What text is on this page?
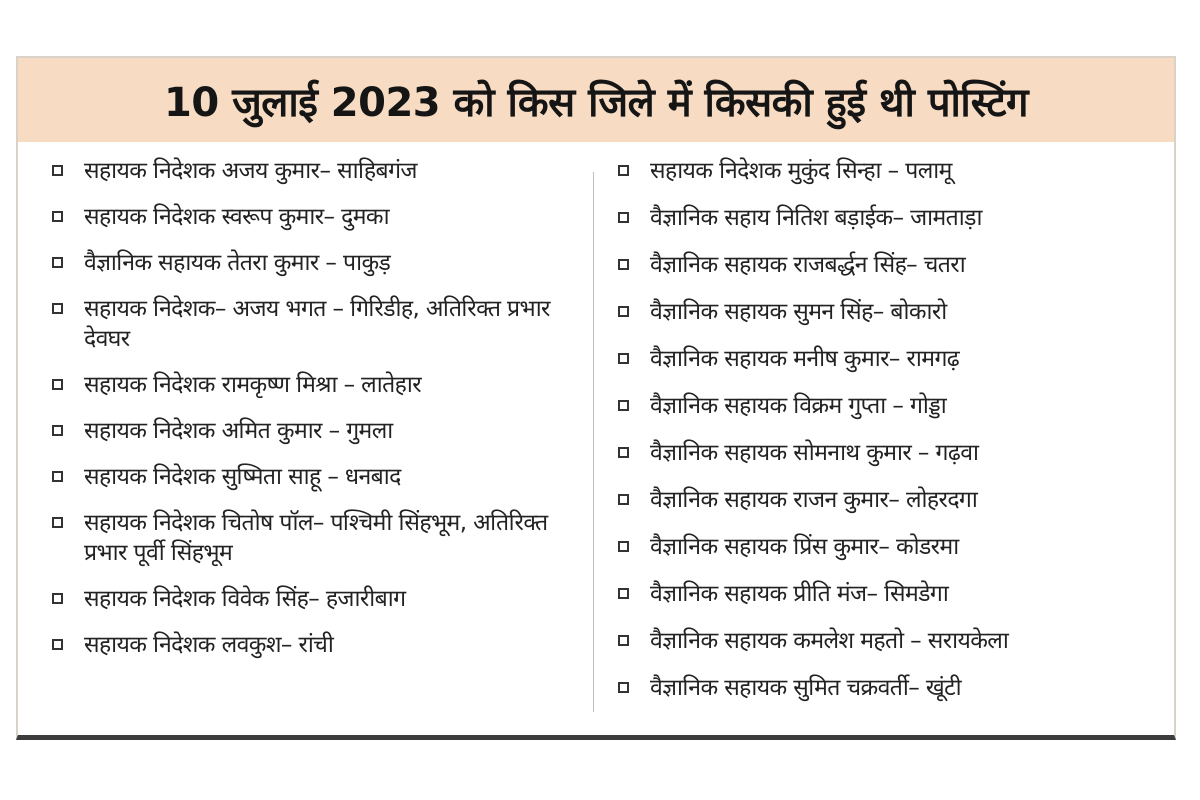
10 जुलाई 2023 को किस जिले में किसकी हुई थी पोस्टिंग
सहायक निदेशक अजय कुमार– साहिबगंज
सहायक निदेशक स्वरूप कुमार– दुमका
वैज्ञानिक सहायक तेतरा कुमार – पाकुड़
सहायक निदेशक– अजय भगत – गिरिडीह, अतिरिक्त प्रभार देवघर
सहायक निदेशक रामकृष्ण मिश्रा – लातेहार
सहायक निदेशक अमित कुमार – गुमला
सहायक निदेशक सुष्मिता साहू – धनबाद
सहायक निदेशक चितोष पॉल– पश्चिमी सिंहभूम, अतिरिक्त प्रभार पूर्वी सिंहभूम
सहायक निदेशक विवेक सिंह– हजारीबाग
सहायक निदेशक लवकुश– रांची
सहायक निदेशक मुकुंद सिन्हा – पलामू
वैज्ञानिक सहाय नितिश बड़ाईक– जामताड़ा
वैज्ञानिक सहायक राजबर्द्धन सिंह– चतरा
वैज्ञानिक सहायक सुमन सिंह– बोकारो
वैज्ञानिक सहायक मनीष कुमार– रामगढ़
वैज्ञानिक सहायक विक्रम गुप्ता – गोड्डा
वैज्ञानिक सहायक सोमनाथ कुमार – गढ़वा
वैज्ञानिक सहायक राजन कुमार– लोहरदगा
वैज्ञानिक सहायक प्रिंस कुमार– कोडरमा
वैज्ञानिक सहायक प्रीति मंज– सिमडेगा
वैज्ञानिक सहायक कमलेश महतो – सरायकेला
वैज्ञानिक सहायक सुमित चक्रवर्ती– खूंटी
